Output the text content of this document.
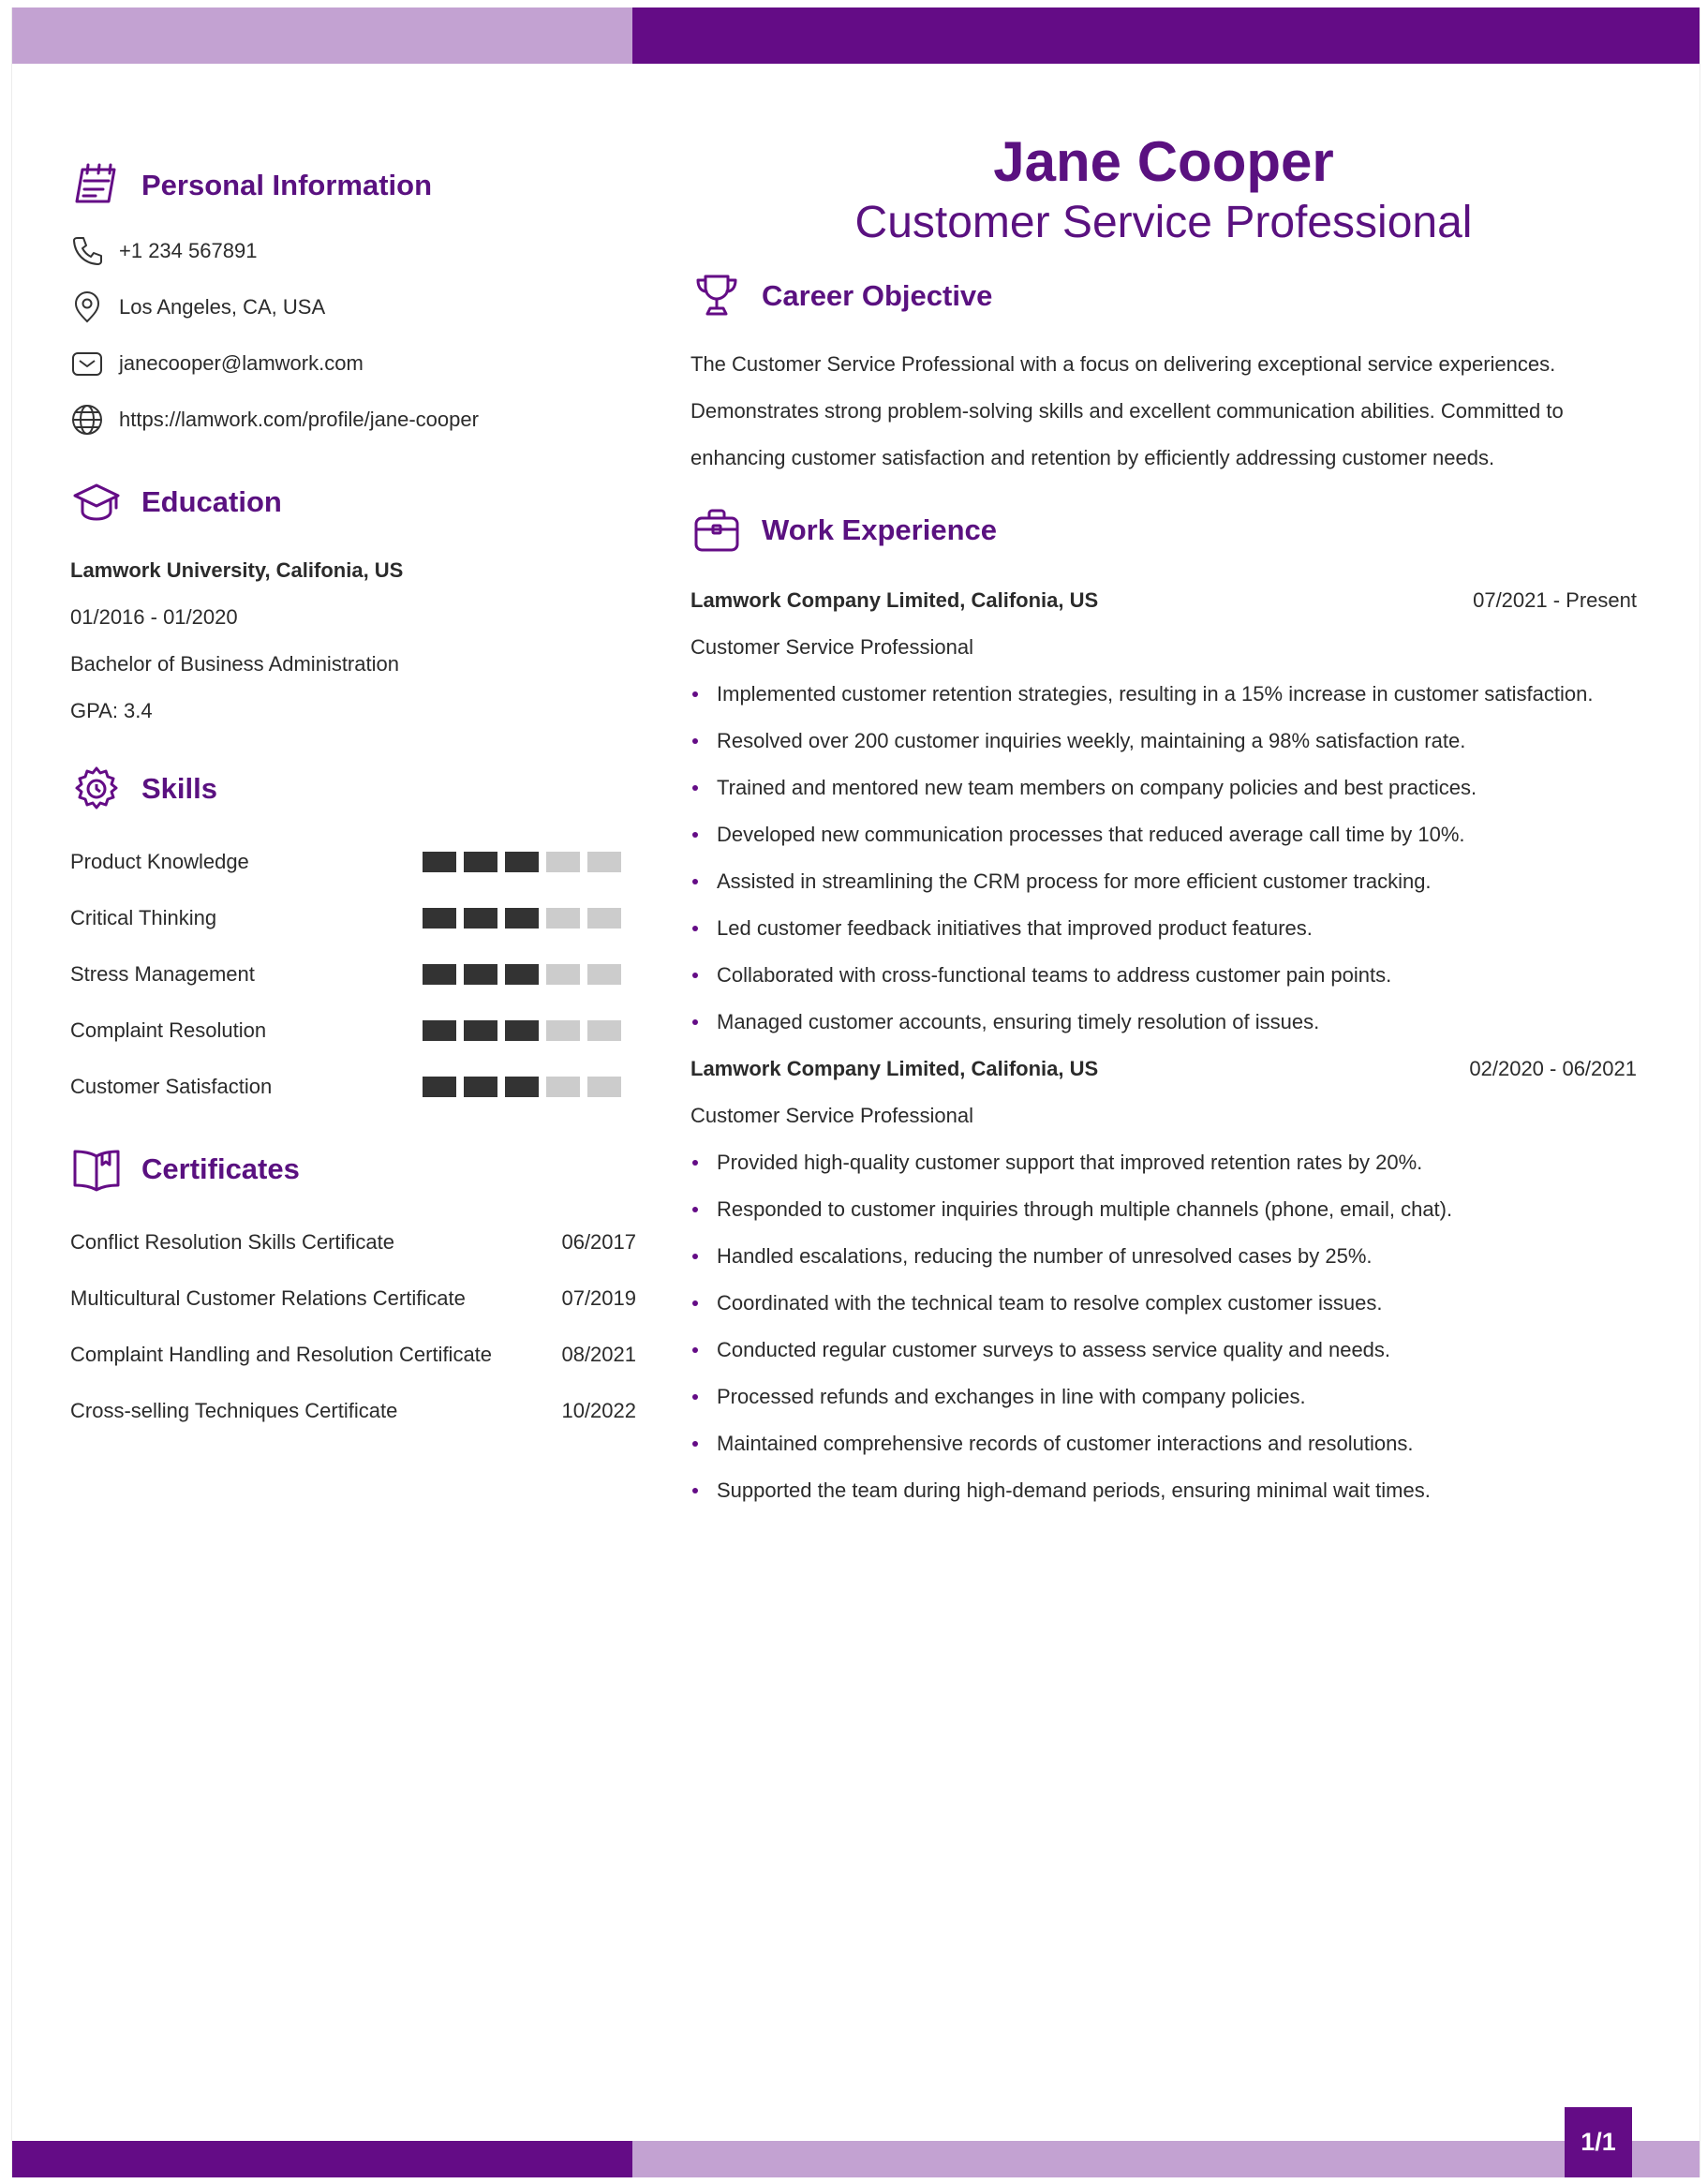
Personal Information
+1 234 567891
Los Angeles, CA, USA
janecooper@lamwork.com
https://lamwork.com/profile/jane-cooper
Education
Lamwork University, Califonia, US
01/2016 - 01/2020
Bachelor of Business Administration
GPA: 3.4
Skills
Product Knowledge
Critical Thinking
Stress Management
Complaint Resolution
Customer Satisfaction
Certificates
Conflict Resolution Skills Certificate	06/2017
Multicultural Customer Relations Certificate	07/2019
Complaint Handling and Resolution Certificate	08/2021
Cross-selling Techniques Certificate	10/2022
Jane Cooper
Customer Service Professional
Career Objective
The Customer Service Professional with a focus on delivering exceptional service experiences.
Demonstrates strong problem-solving skills and excellent communication abilities. Committed to
enhancing customer satisfaction and retention by efficiently addressing customer needs.
Work Experience
Lamwork Company Limited, Califonia, US	07/2021 - Present
Customer Service Professional
Implemented customer retention strategies, resulting in a 15% increase in customer satisfaction.
Resolved over 200 customer inquiries weekly, maintaining a 98% satisfaction rate.
Trained and mentored new team members on company policies and best practices.
Developed new communication processes that reduced average call time by 10%.
Assisted in streamlining the CRM process for more efficient customer tracking.
Led customer feedback initiatives that improved product features.
Collaborated with cross-functional teams to address customer pain points.
Managed customer accounts, ensuring timely resolution of issues.
Lamwork Company Limited, Califonia, US	02/2020 - 06/2021
Customer Service Professional
Provided high-quality customer support that improved retention rates by 20%.
Responded to customer inquiries through multiple channels (phone, email, chat).
Handled escalations, reducing the number of unresolved cases by 25%.
Coordinated with the technical team to resolve complex customer issues.
Conducted regular customer surveys to assess service quality and needs.
Processed refunds and exchanges in line with company policies.
Maintained comprehensive records of customer interactions and resolutions.
Supported the team during high-demand periods, ensuring minimal wait times.
1/1
